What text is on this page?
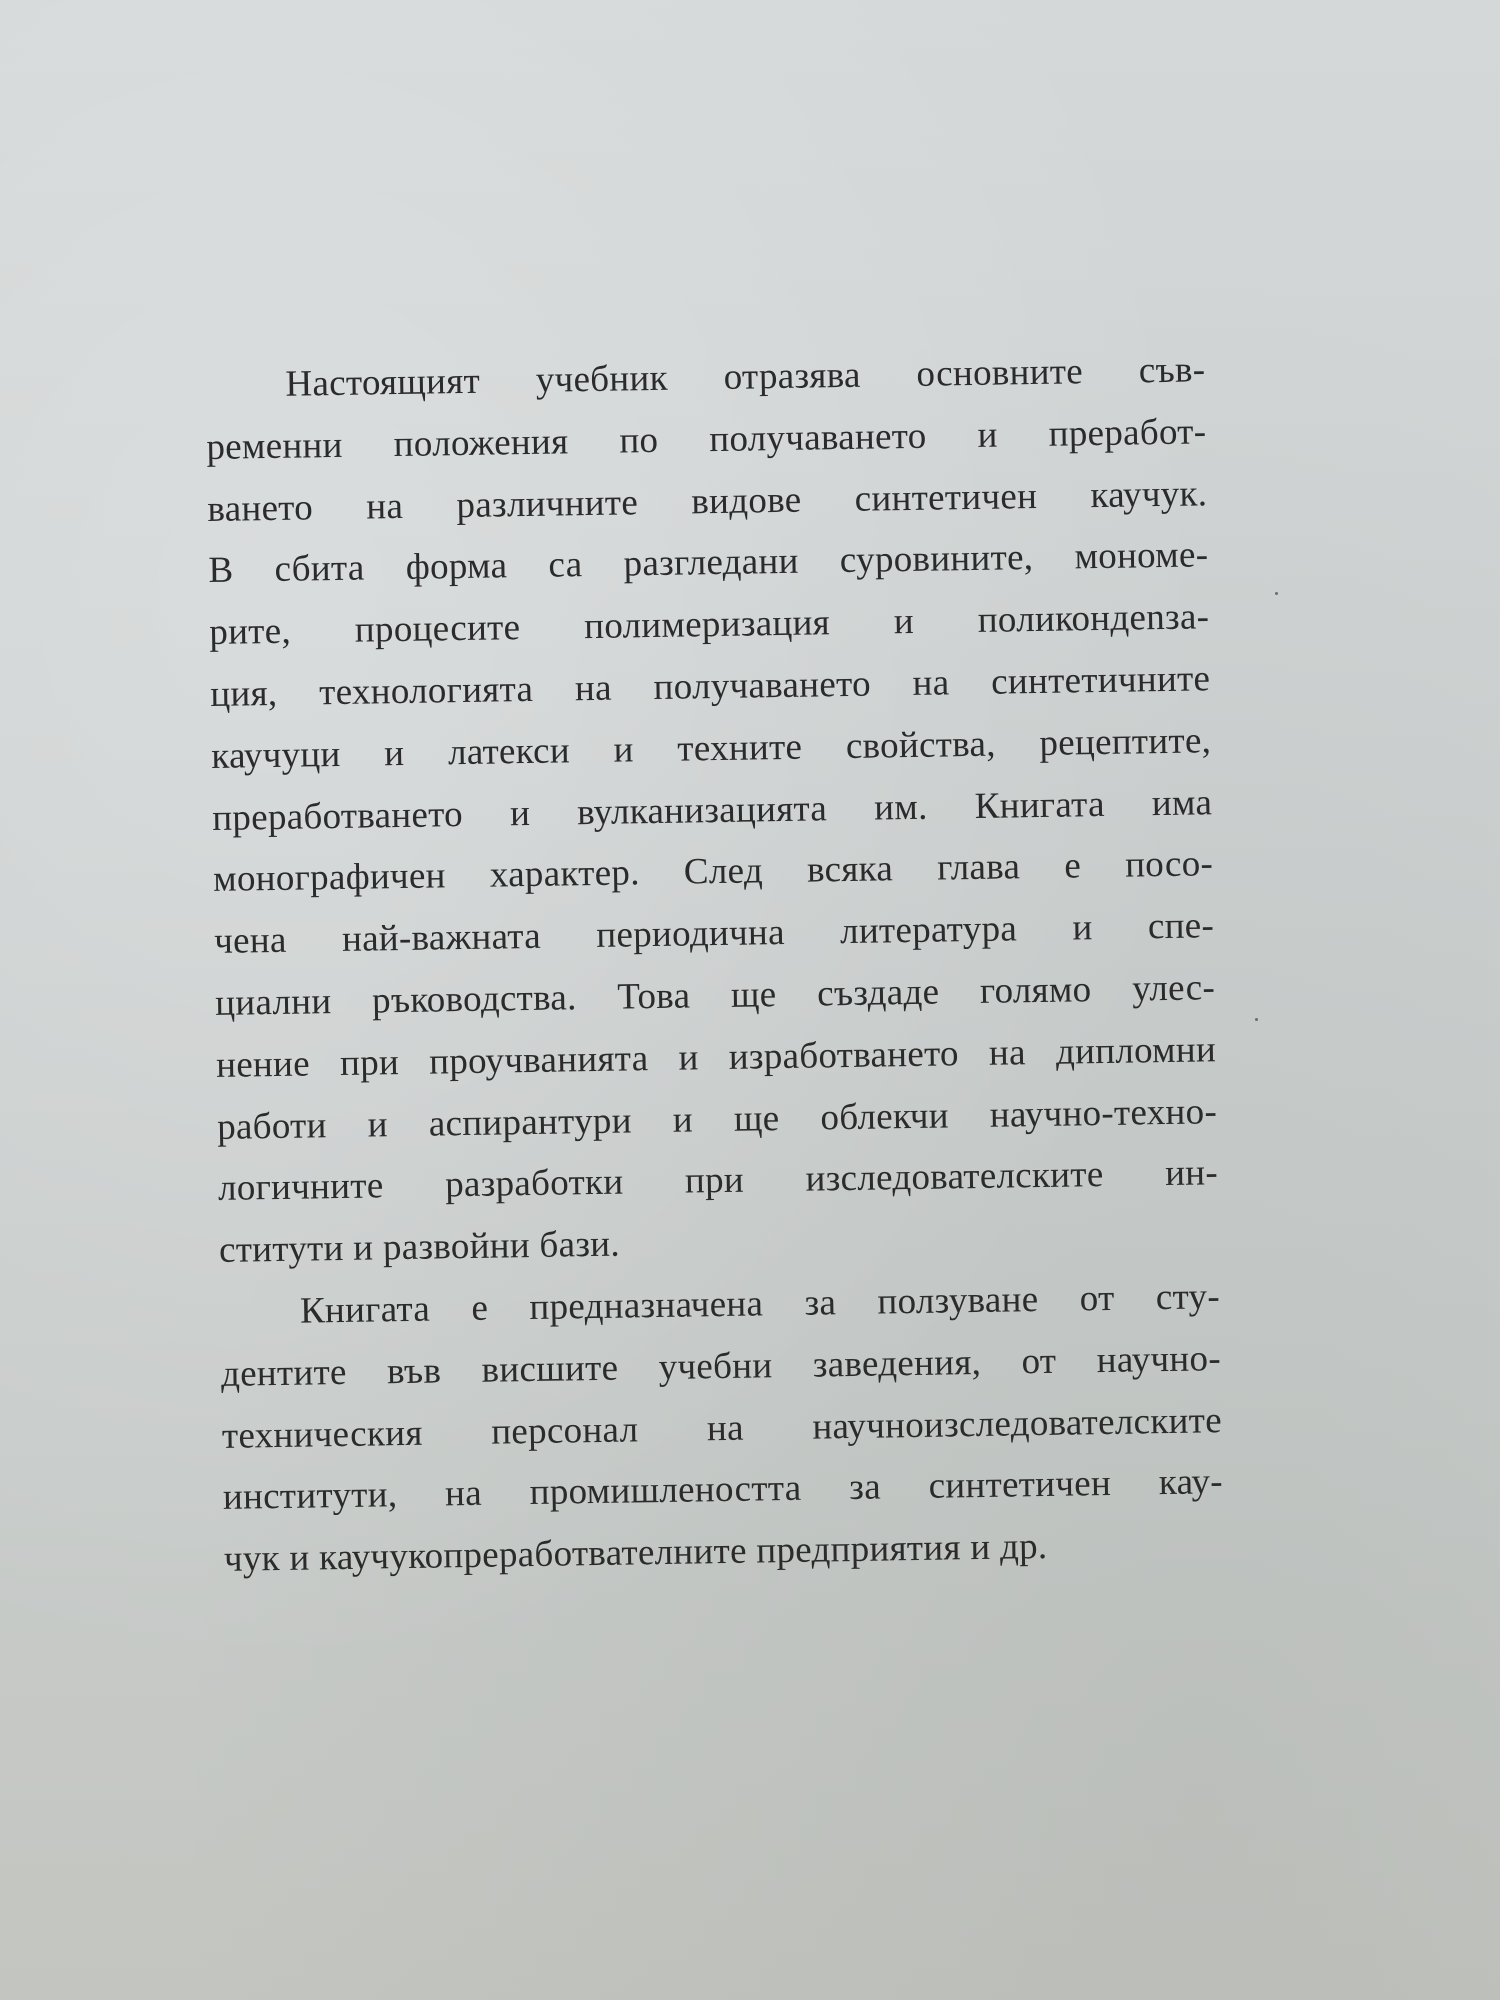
Настоящият учебник отразява основните съв-
ременни положения по получаването и преработ-
ването на различните видове синтетичен каучук.
В сбита форма са разгледани суровините, мономе-
рите, процесите полимеризация и поликондenза-
ция, технологията на получаването на синтетичните
каучуци и латекси и техните свойства, рецептите,
преработването и вулканизацията им. Книгата има
монографичен характер. След всяка глава е посо-
чена най-важната периодична литература и спе-
циални ръководства. Това ще създаде голямо улес-
нение при проучванията и изработването на дипломни
работи и аспирантури и ще облекчи научно-техно-
логичните разработки при изследователските ин-
ститути и развойни бази.
Книгата е предназначена за ползуване от сту-
дентите във висшите учебни заведения, от научно-
техническия персонал на научноизследователските
институти, на промишлеността за синтетичен кау-
чук и каучукопреработвателните предприятия и др.
